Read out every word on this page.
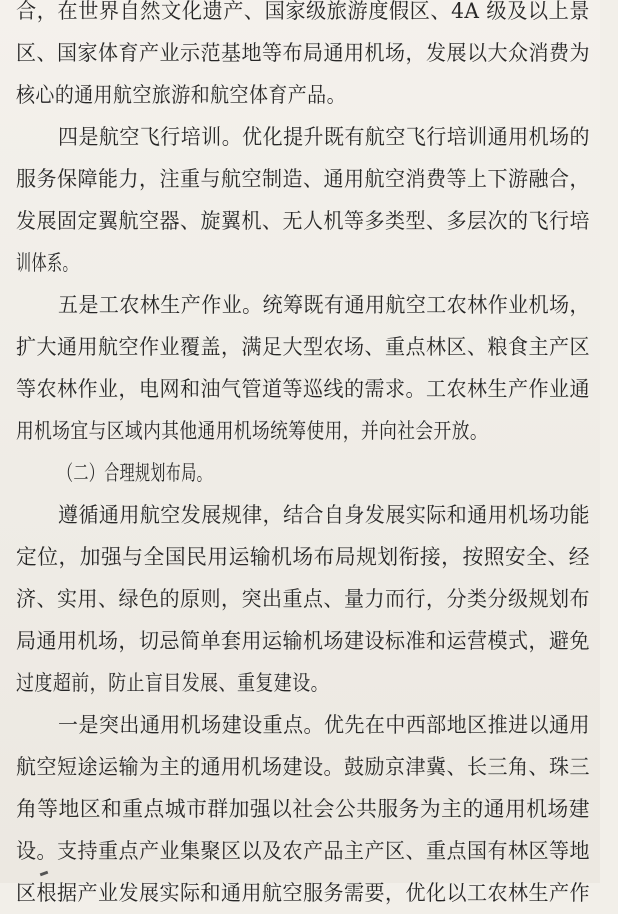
合，在世界自然文化遗产、国家级旅游度假区、4A 级及以上景

区、国家体育产业示范基地等布局通用机场，发展以大众消费为

核心的通用航空旅游和航空体育产品。

四是航空飞行培训。优化提升既有航空飞行培训通用机场的

服务保障能力，注重与航空制造、通用航空消费等上下游融合，

发展固定翼航空器、旋翼机、无人机等多类型、多层次的飞行培

训体系。

五是工农林生产作业。统筹既有通用航空工农林作业机场，

扩大通用航空作业覆盖，满足大型农场、重点林区、粮食主产区

等农林作业，电网和油气管道等巡线的需求。工农林生产作业通

用机场宜与区域内其他通用机场统筹使用，并向社会开放。

（二）合理规划布局。

遵循通用航空发展规律，结合自身发展实际和通用机场功能

定位，加强与全国民用运输机场布局规划衔接，按照安全、经

济、实用、绿色的原则，突出重点、量力而行，分类分级规划布

局通用机场，切忌简单套用运输机场建设标准和运营模式，避免

过度超前，防止盲目发展、重复建设。

一是突出通用机场建设重点。优先在中西部地区推进以通用

航空短途运输为主的通用机场建设。鼓励京津冀、长三角、珠三

角等地区和重点城市群加强以社会公共服务为主的通用机场建

设。支持重点产业集聚区以及农产品主产区、重点国有林区等地

区根据产业发展实际和通用航空服务需要，优化以工农林生产作
